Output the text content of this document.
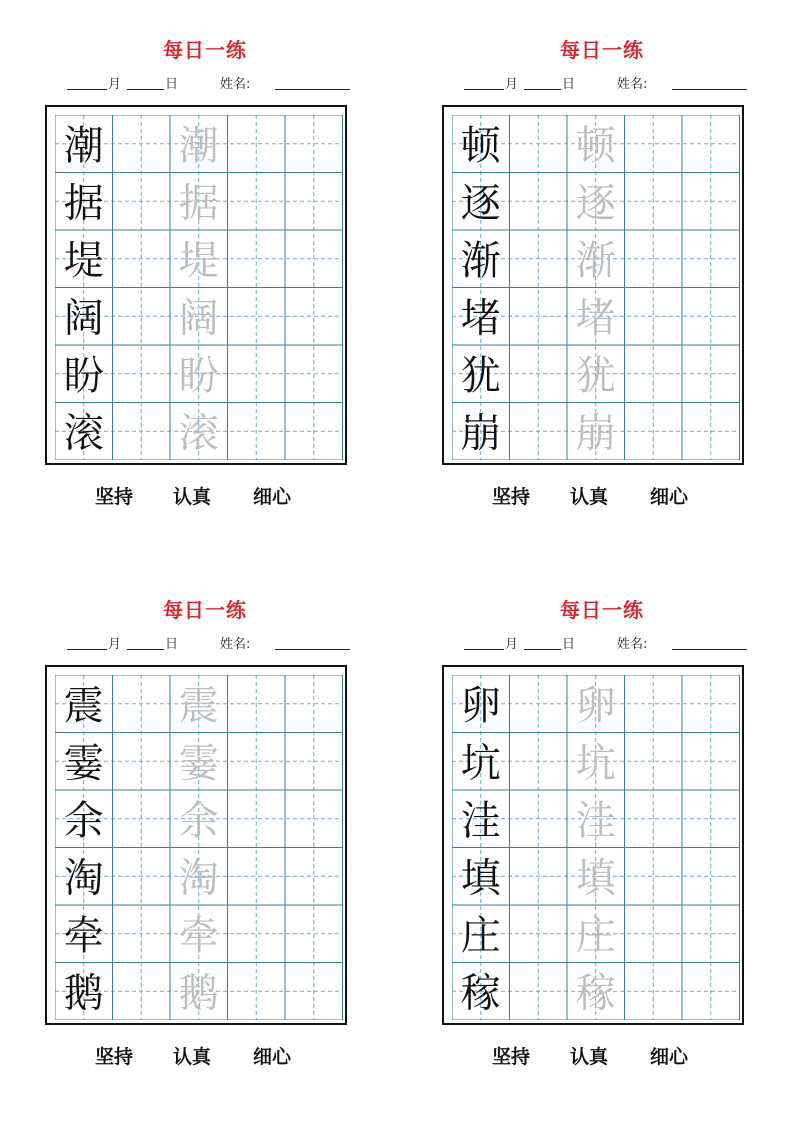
每日一练
月	日	姓名:
潮 潮
据 据
堤 堤
阔 阔
盼 盼
滚 滚
坚持 认真 细心
每日一练
月	日	姓名:
顿 顿
逐 逐
渐 渐
堵 堵
犹 犹
崩 崩
坚持 认真 细心
每日一练
月	日	姓名:
震 震
霎 霎
余 余
淘 淘
牵 牵
鹅 鹅
坚持 认真 细心
每日一练
月	日	姓名:
卵 卵
坑 坑
洼 洼
填 填
庄 庄
稼 稼
坚持 认真 细心
